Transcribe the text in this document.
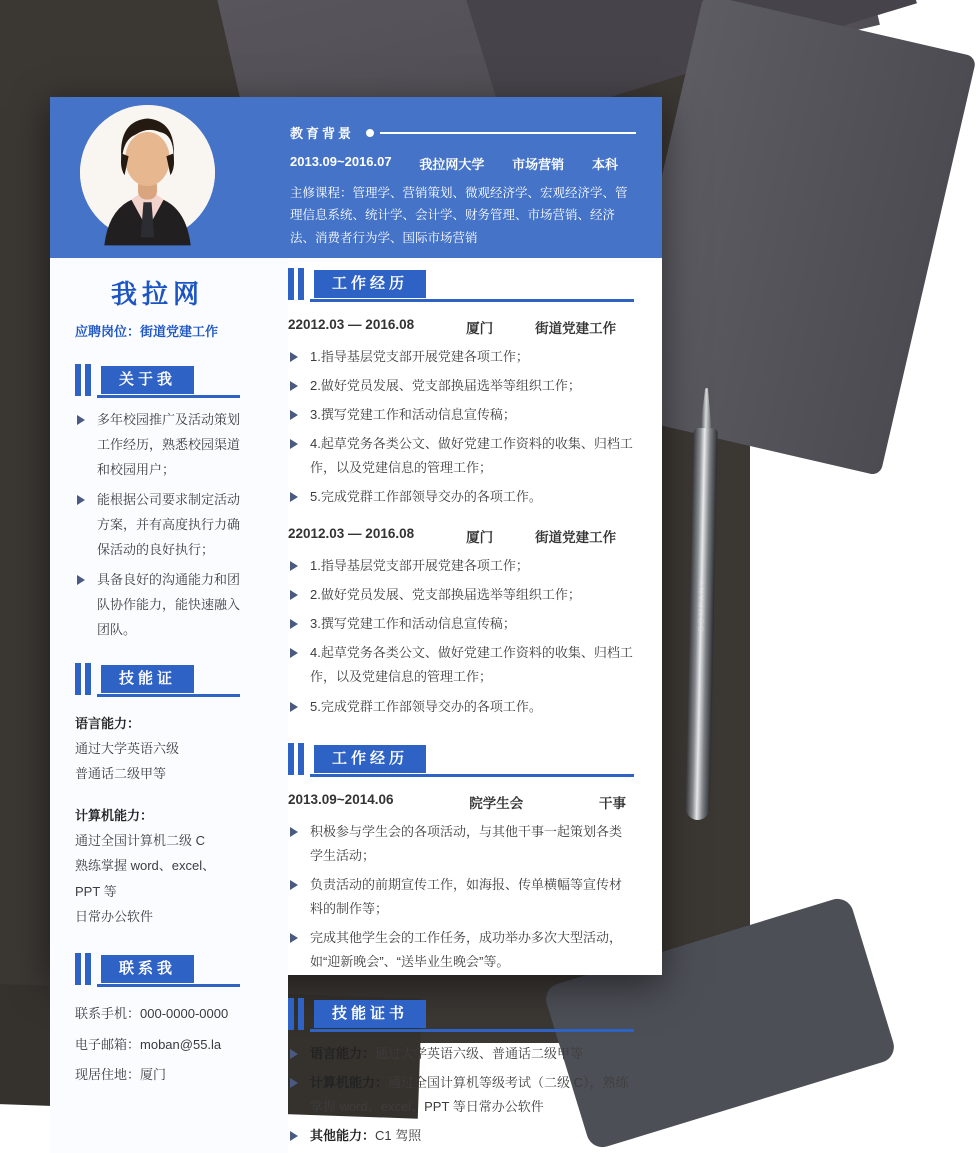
COMPANY
教育背景
2013.09~2016.07 我拉网大学 市场营销 本科
主修课程：管理学、营销策划、微观经济学、宏观经济学、管理信息系统、统计学、会计学、财务管理、市场营销、经济法、消费者行为学、国际市场营销
我拉网
应聘岗位：街道党建工作
关于我
多年校园推广及活动策划工作经历，熟悉校园渠道和校园用户；
能根据公司要求制定活动方案，并有高度执行力确保活动的良好执行；
具备良好的沟通能力和团队协作能力，能快速融入团队。
技能证
语言能力：
通过大学英语六级
普通话二级甲等
计算机能力：
通过全国计算机二级 C
熟练掌握 word、excel、PPT 等
日常办公软件
联系我
联系手机：000-0000-0000
电子邮箱：moban@55.la
现居住地：厦门
工作经历
22012.03 — 2016.08	厦门	街道党建工作
1.指导基层党支部开展党建各项工作；
2.做好党员发展、党支部换届选举等组织工作；
3.撰写党建工作和活动信息宣传稿；
4.起草党务各类公文、做好党建工作资料的收集、归档工作，以及党建信息的管理工作；
5.完成党群工作部领导交办的各项工作。
22012.03 — 2016.08	厦门	街道党建工作
1.指导基层党支部开展党建各项工作；
2.做好党员发展、党支部换届选举等组织工作；
3.撰写党建工作和活动信息宣传稿；
4.起草党务各类公文、做好党建工作资料的收集、归档工作，以及党建信息的管理工作；
5.完成党群工作部领导交办的各项工作。
工作经历
2013.09~2014.06	院学生会	干事
积极参与学生会的各项活动，与其他干事一起策划各类学生活动；
负责活动的前期宣传工作，如海报、传单横幅等宣传材料的制作等；
完成其他学生会的工作任务，成功举办多次大型活动，如“迎新晚会”、“送毕业生晚会”等。
技能证书
语言能力：通过大学英语六级、普通话二级甲等
计算机能力：通过全国计算机等级考试（二级 C），熟练掌握 word、excel、PPT 等日常办公软件
其他能力：C1 驾照
